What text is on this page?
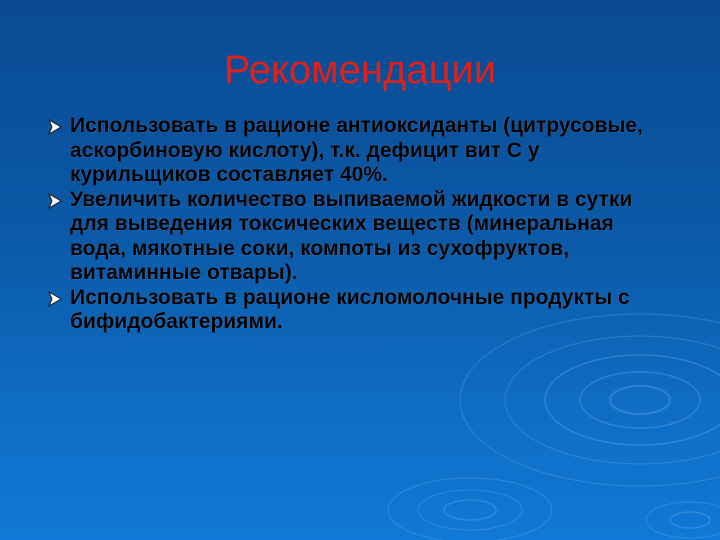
Рекомендации
Использовать в рационе антиоксиданты (цитрусовые, аскорбиновую кислоту), т.к. дефицит вит С у курильщиков составляет 40%.
Увеличить количество выпиваемой жидкости в сутки для выведения токсических веществ (минеральная вода, мякотные соки, компоты из сухофруктов, витаминные отвары).
Использовать в рационе кисломолочные продукты с бифидобактериями.
